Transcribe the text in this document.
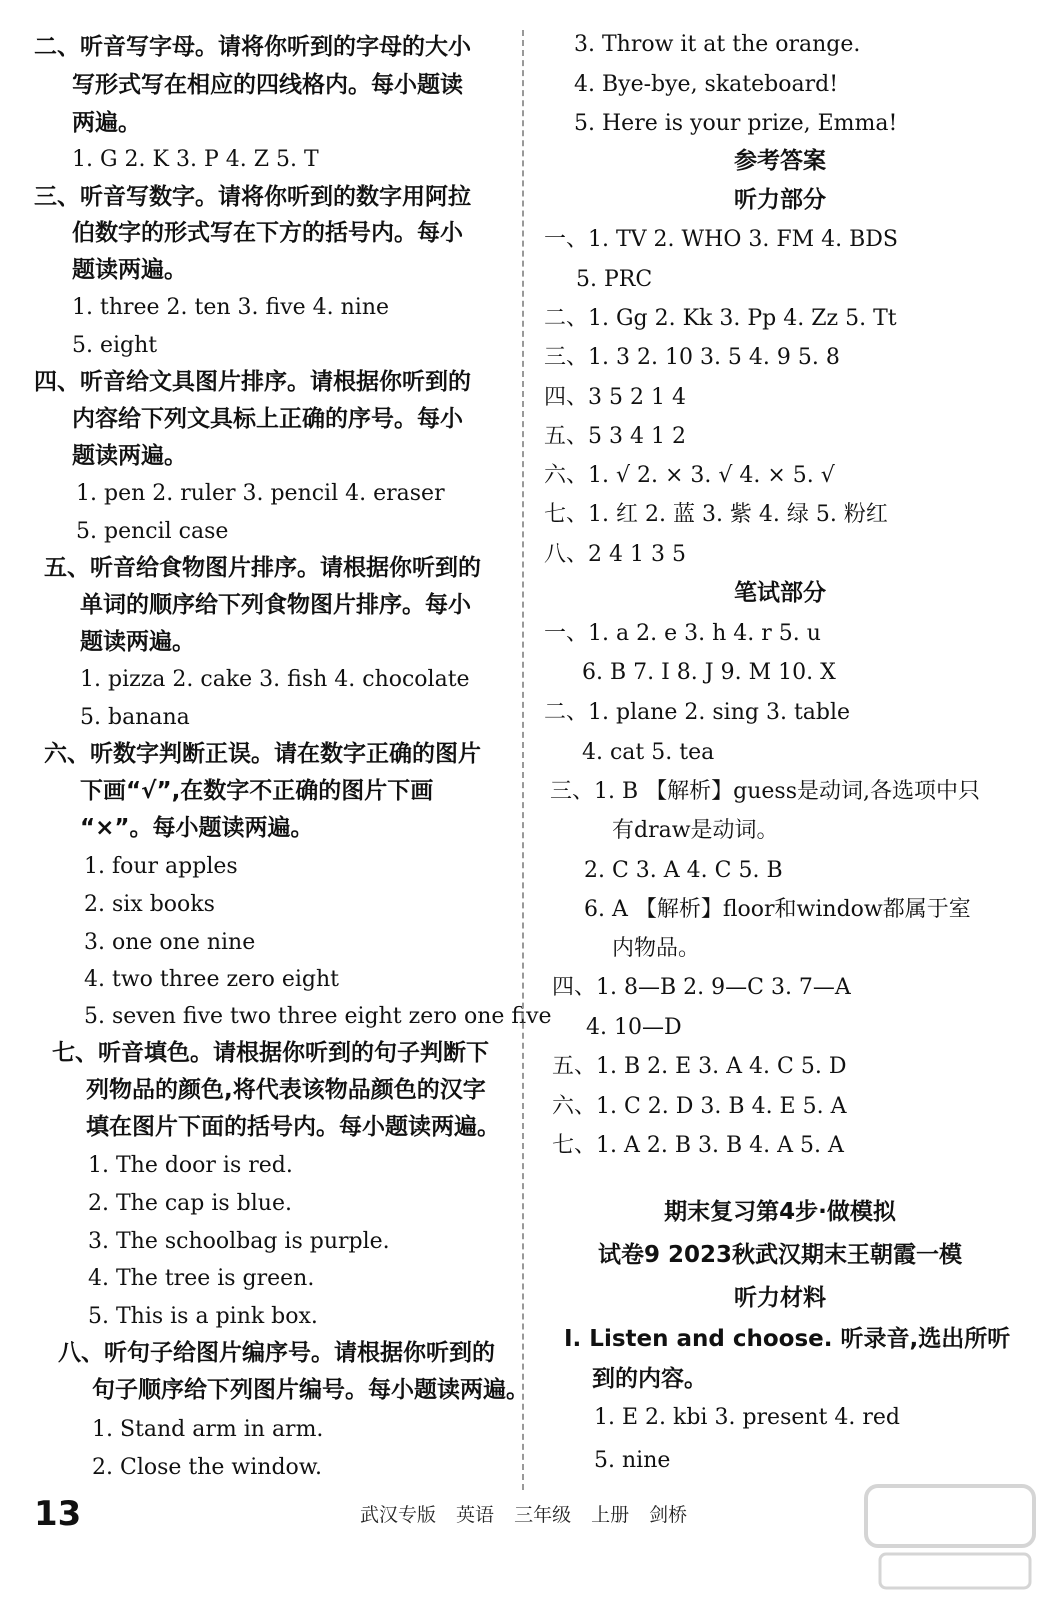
二、听音写字母。请将你听到的字母的大小
写形式写在相应的四线格内。每小题读
两遍。
1. G 2. K 3. P 4. Z 5. T
三、听音写数字。请将你听到的数字用阿拉
伯数字的形式写在下方的括号内。每小
题读两遍。
1. three 2. ten 3. five 4. nine
5. eight
四、听音给文具图片排序。请根据你听到的
内容给下列文具标上正确的序号。每小
题读两遍。
1. pen 2. ruler 3. pencil 4. eraser
5. pencil case
五、听音给食物图片排序。请根据你听到的
单词的顺序给下列食物图片排序。每小
题读两遍。
1. pizza 2. cake 3. fish 4. chocolate
5. banana
六、听数字判断正误。请在数字正确的图片
下画“√”,在数字不正确的图片下画
“×”。每小题读两遍。
1. four apples
2. six books
3. one one nine
4. two three zero eight
5. seven five two three eight zero one five
七、听音填色。请根据你听到的句子判断下
列物品的颜色,将代表该物品颜色的汉字
填在图片下面的括号内。每小题读两遍。
1. The door is red.
2. The cap is blue.
3. The schoolbag is purple.
4. The tree is green.
5. This is a pink box.
八、听句子给图片编序号。请根据你听到的
句子顺序给下列图片编号。每小题读两遍。
1. Stand arm in arm.
2. Close the window.
3. Throw it at the orange.
4. Bye-bye, skateboard!
5. Here is your prize, Emma!
参考答案
听力部分
一、1. TV 2. WHO 3. FM 4. BDS
5. PRC
二、1. Gg 2. Kk 3. Pp 4. Zz 5. Tt
三、1. 3 2. 10 3. 5 4. 9 5. 8
四、3 5 2 1 4
五、5 3 4 1 2
六、1. √ 2. × 3. √ 4. × 5. √
七、1. 红 2. 蓝 3. 紫 4. 绿 5. 粉红
八、2 4 1 3 5
笔试部分
一、1. a 2. e 3. h 4. r 5. u
6. B 7. I 8. J 9. M 10. X
二、1. plane 2. sing 3. table
4. cat 5. tea
三、1. B 【解析】guess是动词,各选项中只
有draw是动词。
2. C 3. A 4. C 5. B
6. A 【解析】floor和window都属于室
内物品。
四、1. 8—B 2. 9—C 3. 7—A
4. 10—D
五、1. B 2. E 3. A 4. C 5. D
六、1. C 2. D 3. B 4. E 5. A
七、1. A 2. B 3. B 4. A 5. A
期末复习第4步·做模拟
试卷9 2023秋武汉期末王朝霞一模
听力材料
Ⅰ. Listen and choose. 听录音,选出所听
到的内容。
1. E 2. kbi 3. present 4. red
5. nine
13	武汉专版 英语 三年级 上册 剑桥
